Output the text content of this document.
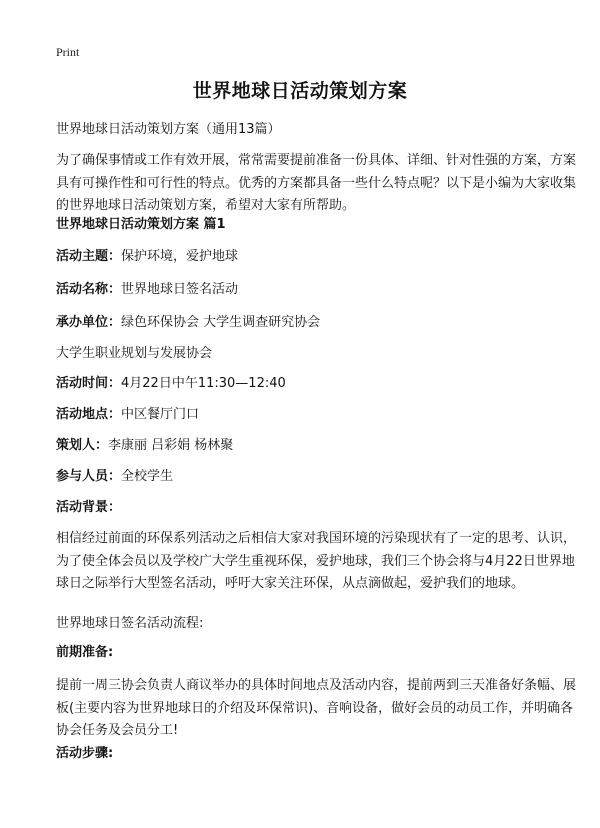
Print
世界地球日活动策划方案
世界地球日活动策划方案（通用13篇）

为了确保事情或工作有效开展，常常需要提前准备一份具体、详细、针对性强的方案，方案具有可操作性和可行性的特点。优秀的方案都具备一些什么特点呢？以下是小编为大家收集的世界地球日活动策划方案，希望对大家有所帮助。

世界地球日活动策划方案 篇1
活动主题：保护环境，爱护地球
活动名称：世界地球日签名活动
承办单位：绿色环保协会 大学生调查研究协会
大学生职业规划与发展协会
活动时间：4月22日中午11:30—12:40
活动地点：中区餐厅门口
策划人：李康丽 吕彩娟 杨林聚
参与人员：全校学生
活动背景：

相信经过前面的环保系列活动之后相信大家对我国环境的污染现状有了一定的思考、认识，为了使全体会员以及学校广大学生重视环保，爱护地球，我们三个协会将与4月22日世界地球日之际举行大型签名活动，呼吁大家关注环保，从点滴做起，爱护我们的地球。

世界地球日签名活动流程:
前期准备:

提前一周三协会负责人商议举办的具体时间地点及活动内容，提前两到三天准备好条幅、展板(主要内容为世界地球日的介绍及环保常识)、音响设备，做好会员的动员工作，并明确各协会任务及会员分工!

活动步骤:
